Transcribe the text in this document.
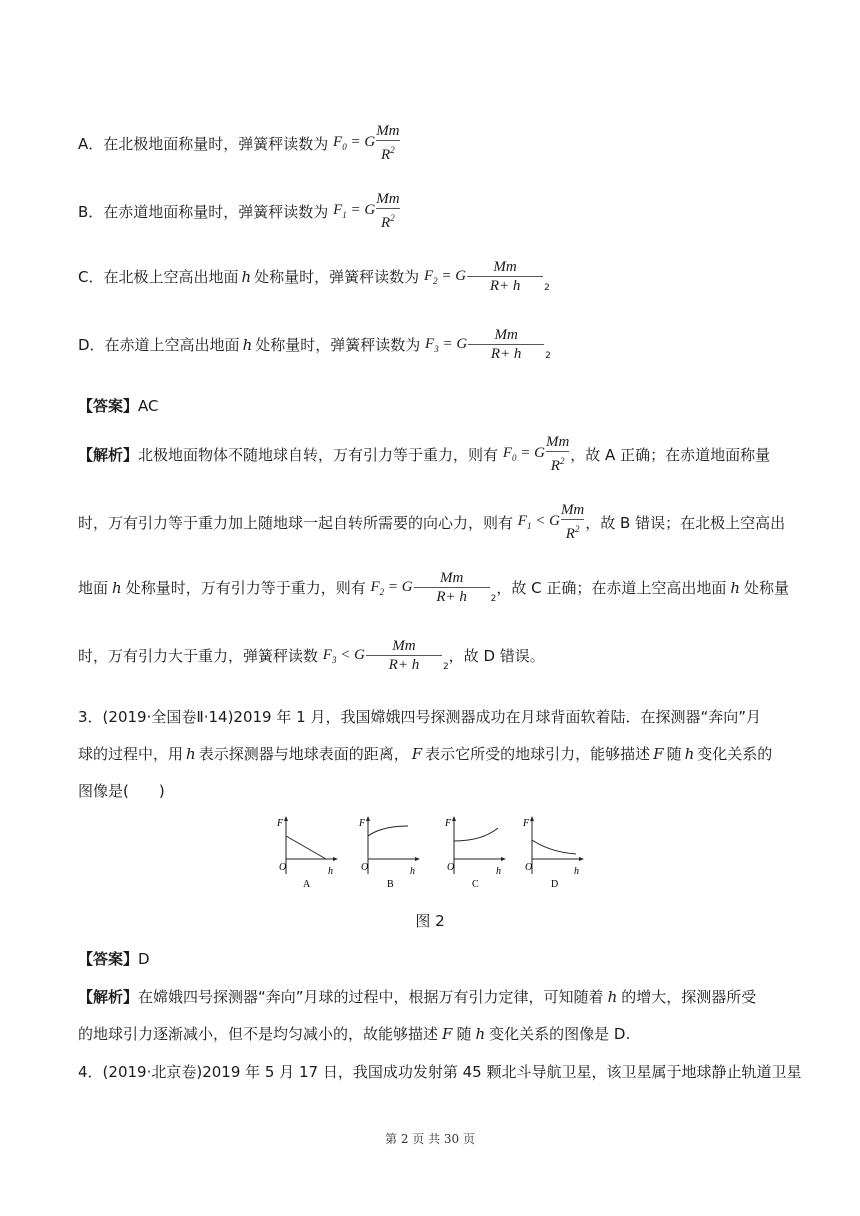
A．在北极地面称量时，弹簧秤读数为
$F_0 = G \frac{Mm}{R^2}$
B．在赤道地面称量时，弹簧秤读数为
$F_1 = G \frac{Mm}{R^2}$
C．在北极上空高出地面 h 处称量时，弹簧秤读数为
$F_2 = G \frac{Mm}{R+ h} 2$
D．在赤道上空高出地面 h 处称量时，弹簧秤读数为
$F_3 = G \frac{Mm}{R+ h} 2$
【答案】 AC
【解析】 北极地面物体不随地球自转，万有引力等于重力，则有
$F_0 = G \frac{Mm}{R^2}$ ，故 A 正确；在赤道地面称量
时，万有引力等于重力加上随地球一起自转所需要的向心力，则有
$F_1 < G \frac{Mm}{R^2}$ ，故 B 错误；在北极上空高出
地面 h 处称量时，万有引力等于重力，则有
$F_2 = G \frac{Mm}{R+ h} 2$
，故 C 正确；在赤道上空高出地面 h 处称量
时，万有引力大于重力，弹簧秤读数
$F_3 < G \frac{Mm}{R+ h} 2$
，故 D 错误。
3．(2019·全国卷Ⅱ·14)2019 年 1 月，我国嫦娥四号探测器成功在月球背面软着陆．在探测器“奔向”月
球的过程中，用 h 表示探测器与地球表面的距离， F 表示它所受的地球引力，能够描述 F 随 h 变化关系的
图像是(　　)
F
O	h
A
F
O	h
B
F
O	h
C
F
O	h
D
图 2
【答案】 D
【解析】 在嫦娥四号探测器“奔向”月球的过程中，根据万有引力定律，可知随着 h 的增大，探测器所受
的地球引力逐渐减小，但不是均匀减小的，故能够描述 F 随 h 变化关系的图像是 D.
4．(2019·北京卷)2019 年 5 月 17 日，我国成功发射第 45 颗北斗导航卫星，该卫星属于地球静止轨道卫星
第 2 页 共 30 页
